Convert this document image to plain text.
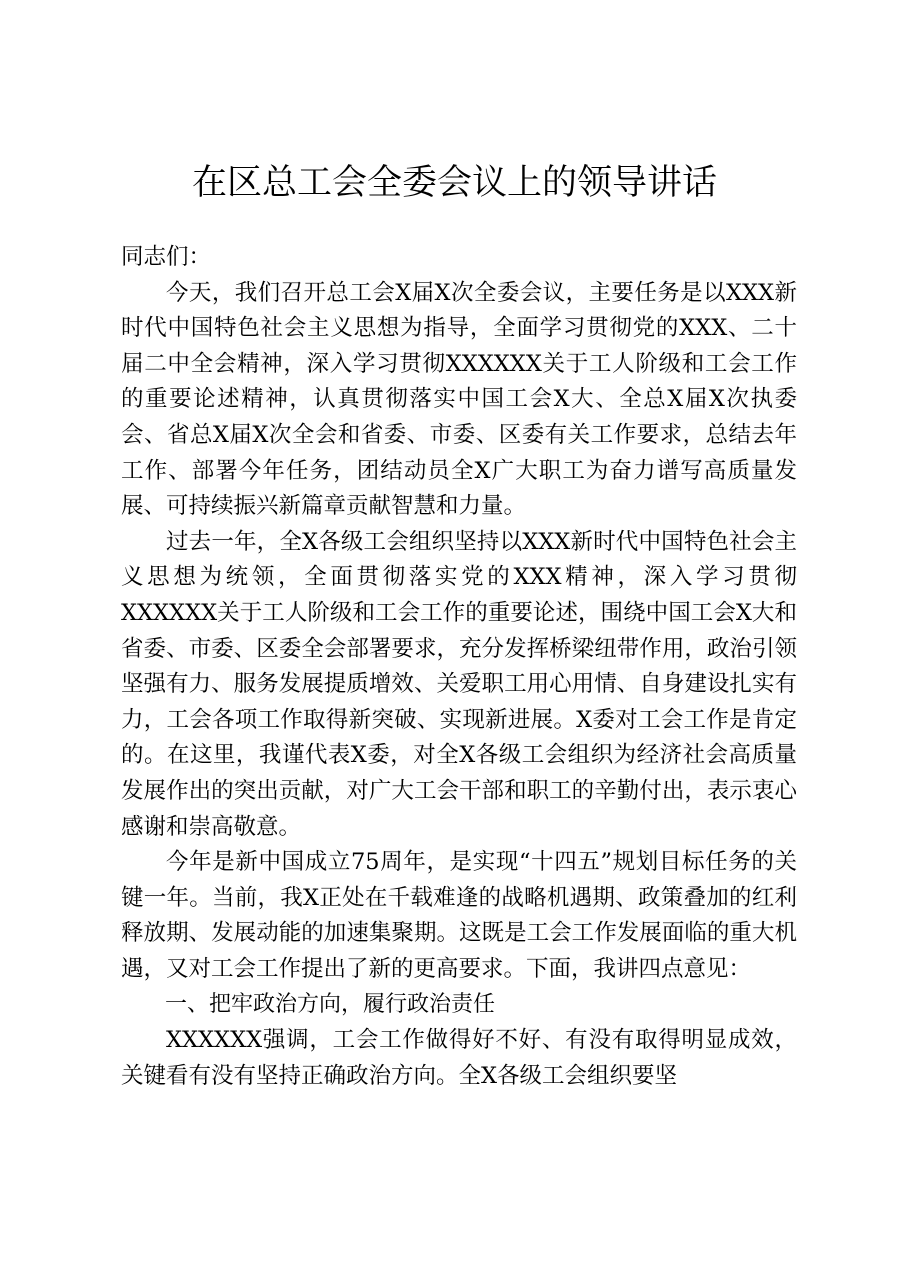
在区总工会全委会议上的领导讲话

同志们：

今天，我们召开总工会X届X次全委会议，主要任务是以XXX新时代中国特色社会主义思想为指导，全面学习贯彻党的XXX、二十届二中全会精神，深入学习贯彻XXXXXX关于工人阶级和工会工作的重要论述精神，认真贯彻落实中国工会X大、全总X届X次执委会、省总X届X次全会和省委、市委、区委有关工作要求，总结去年工作、部署今年任务，团结动员全X广大职工为奋力谱写高质量发展、可持续振兴新篇章贡献智慧和力量。

过去一年，全X各级工会组织坚持以XXX新时代中国特色社会主义思想为统领，全面贯彻落实党的XXX精神，深入学习贯彻XXXXXX关于工人阶级和工会工作的重要论述，围绕中国工会X大和省委、市委、区委全会部署要求，充分发挥桥梁纽带作用，政治引领坚强有力、服务发展提质增效、关爱职工用心用情、自身建设扎实有力，工会各项工作取得新突破、实现新进展。X委对工会工作是肯定的。在这里，我谨代表X委，对全X各级工会组织为经济社会高质量发展作出的突出贡献，对广大工会干部和职工的辛勤付出，表示衷心感谢和崇高敬意。

今年是新中国成立75周年，是实现“十四五”规划目标任务的关键一年。当前，我X正处在千载难逢的战略机遇期、政策叠加的红利释放期、发展动能的加速集聚期。这既是工会工作发展面临的重大机遇，又对工会工作提出了新的更高要求。下面，我讲四点意见：

一、把牢政治方向，履行政治责任

XXXXXX强调，工会工作做得好不好、有没有取得明显成效，关键看有没有坚持正确政治方向。全X各级工会组织要坚
